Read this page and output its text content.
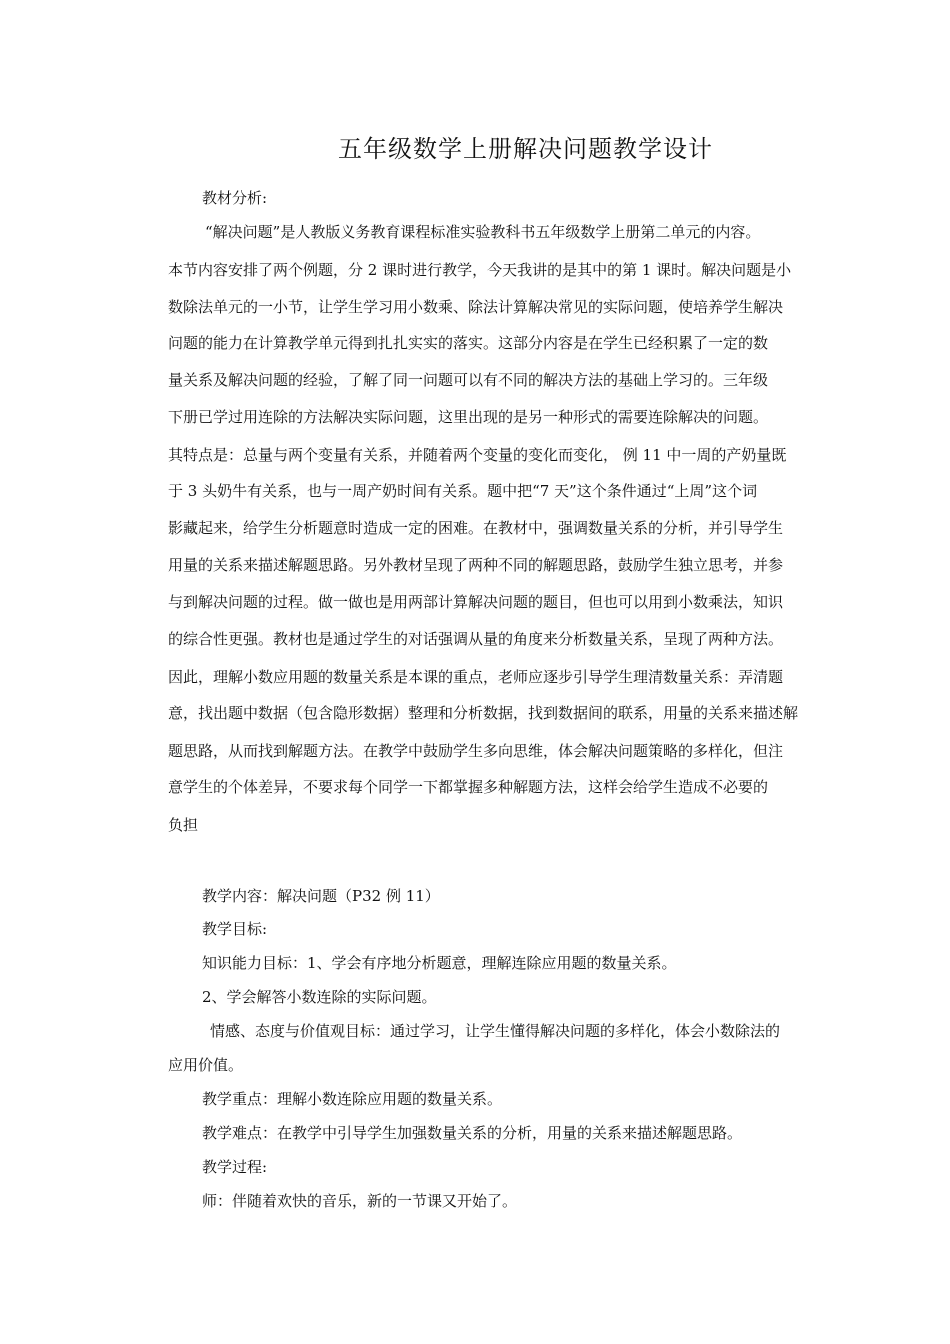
五年级数学上册解决问题教学设计
教材分析:
“解决问题”是人教版义务教育课程标准实验教科书五年级数学上册第二单元的内容。
本节内容安排了两个例题，分 2 课时进行教学，今天我讲的是其中的第 1 课时。解决问题是小
数除法单元的一小节，让学生学习用小数乘、除法计算解决常见的实际问题，使培养学生解决
问题的能力在计算教学单元得到扎扎实实的落实。这部分内容是在学生已经积累了一定的数
量关系及解决问题的经验，了解了同一问题可以有不同的解决方法的基础上学习的。三年级
下册已学过用连除的方法解决实际问题，这里出现的是另一种形式的需要连除解决的问题。
其特点是：总量与两个变量有关系，并随着两个变量的变化而变化， 例 11 中一周的产奶量既
于 3 头奶牛有关系，也与一周产奶时间有关系。题中把“7 天”这个条件通过“上周”这个词
影藏起来，给学生分析题意时造成一定的困难。在教材中，强调数量关系的分析，并引导学生
用量的关系来描述解题思路。另外教材呈现了两种不同的解题思路，鼓励学生独立思考，并参
与到解决问题的过程。做一做也是用两部计算解决问题的题目，但也可以用到小数乘法，知识
的综合性更强。教材也是通过学生的对话强调从量的角度来分析数量关系，呈现了两种方法。
因此，理解小数应用题的数量关系是本课的重点，老师应逐步引导学生理清数量关系：弄清题
意，找出题中数据（包含隐形数据）整理和分析数据，找到数据间的联系，用量的关系来描述解
题思路，从而找到解题方法。在教学中鼓励学生多向思维，体会解决问题策略的多样化，但注
意学生的个体差异，不要求每个同学一下都掌握多种解题方法，这样会给学生造成不必要的
负担
教学内容：解决问题（P32 例 11）
教学目标:
知识能力目标：1、学会有序地分析题意，理解连除应用题的数量关系。
2、学会解答小数连除的实际问题。
情感、态度与价值观目标：通过学习，让学生懂得解决问题的多样化，体会小数除法的
应用价值。
教学重点：理解小数连除应用题的数量关系。
教学难点：在教学中引导学生加强数量关系的分析，用量的关系来描述解题思路。
教学过程:
师：伴随着欢快的音乐，新的一节课又开始了。
